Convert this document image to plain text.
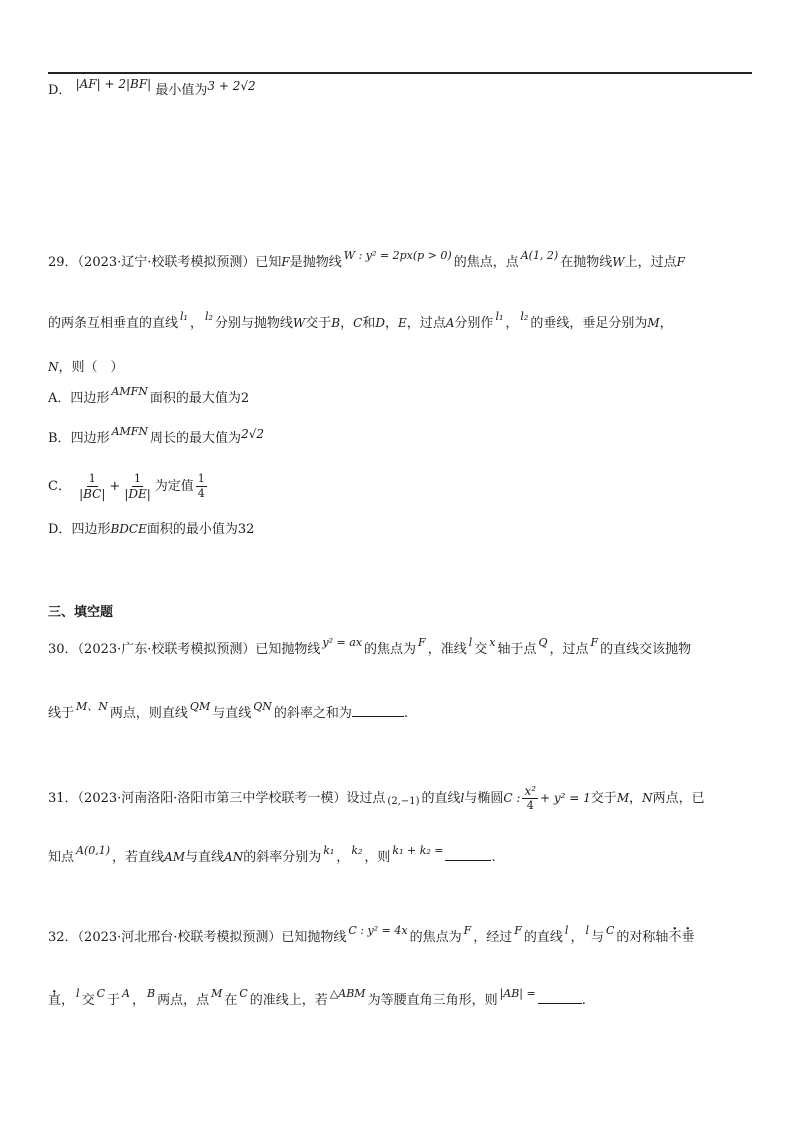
D． |AF| + 2|BF| 最小值为3 + 2√2
29．（2023·辽宁·校联考模拟预测）已知F是抛物线 $^{W : y^2 = 2px(p > 0)}$ 的焦点，点 $^{A(1, 2)}$ 在抛物线W上，过点F
的两条互相垂直的直线 $^{l_1}$ ， $^{l_2}$ 分别与抛物线W交于B，C和D，E，过点A分别作 $^{l_1}$ ， $^{l_2}$ 的垂线，垂足分别为M，
N，则（　）
A．四边形 $^{AMFN}$ 面积的最大值为2
B．四边形 $^{AMFN}$ 周长的最大值为2√2
C． $\frac{1}{|BC|} + \frac{1}{|DE|}$ 为定值 $\frac{1}{4}$
D．四边形BDCE面积的最小值为32
三、填空题
30．（2023·广东·校联考模拟预测）已知抛物线 $^{y^2 = ax}$ 的焦点为 $^F$ ，准线 $^l$ 交 $^x$ 轴于点 $^Q$ ，过点 $^F$ 的直线交该抛物
线于 $^{M、N}$ 两点，则直线 $^{QM}$ 与直线 $^{QN}$ 的斜率之和为	.
31．（2023·河南洛阳·洛阳市第三中学校联考一模）设过点 (2,−1) 的直线l与椭圆C : $\frac{\text{x²}}{4} + y^2 = 1$交于M，N两点，已
知点 $^{A(0,1)}$ ，若直线AM与直线AN的斜率分别为 $^{k_1}$ ， $^{k_2}$ ，则 $^{k_1 + k_2 =}$	.
32．（2023·河北邢台·校联考模拟预测）已知抛物线 $^{C : y^2 = 4x}$ 的焦点为 $^F$ ，经过 $^F$ 的直线 $^l$ ， $^l$ 与 $^C$ 的对称轴不垂
直， $^l$ 交 $^C$ 于 $^A$ ， $^B$ 两点，点 $^M$ 在 $^C$ 的准线上，若 $^{\triangle ABM}$ 为等腰直角三角形，则 $^{|AB| =}$	.
